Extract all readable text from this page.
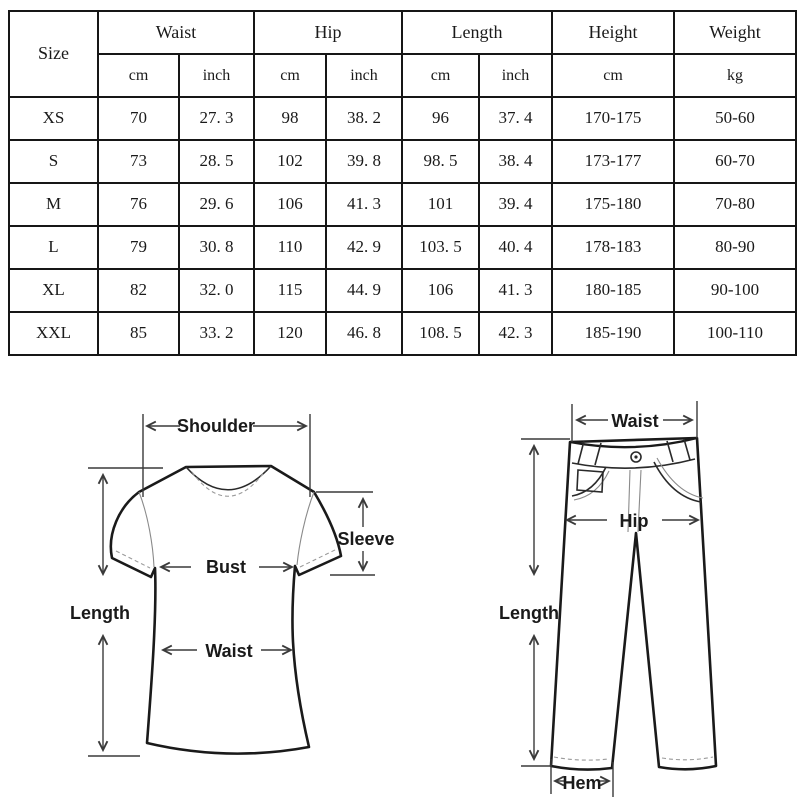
Size	Waist		Hip		Length		Height	Weight
	cm	inch	cm	inch	cm	inch	cm	kg
XS	70	27. 3	98	38. 2	96	37. 4	170-175	50-60
S	73	28. 5	102	39. 8	98. 5	38. 4	173-177	60-70
M	76	29. 6	106	41. 3	101	39. 4	175-180	70-80
L	79	30. 8	110	42. 9	103. 5	40. 4	178-183	80-90
XL	82	32. 0	115	44. 9	106	41. 3	180-185	90-100
XXL	85	33. 2	120	46. 8	108. 5	42. 3	185-190	100-110
Shoulder
Length
Sleeve
Bust
Waist
Waist
Hip
Length
Hem
